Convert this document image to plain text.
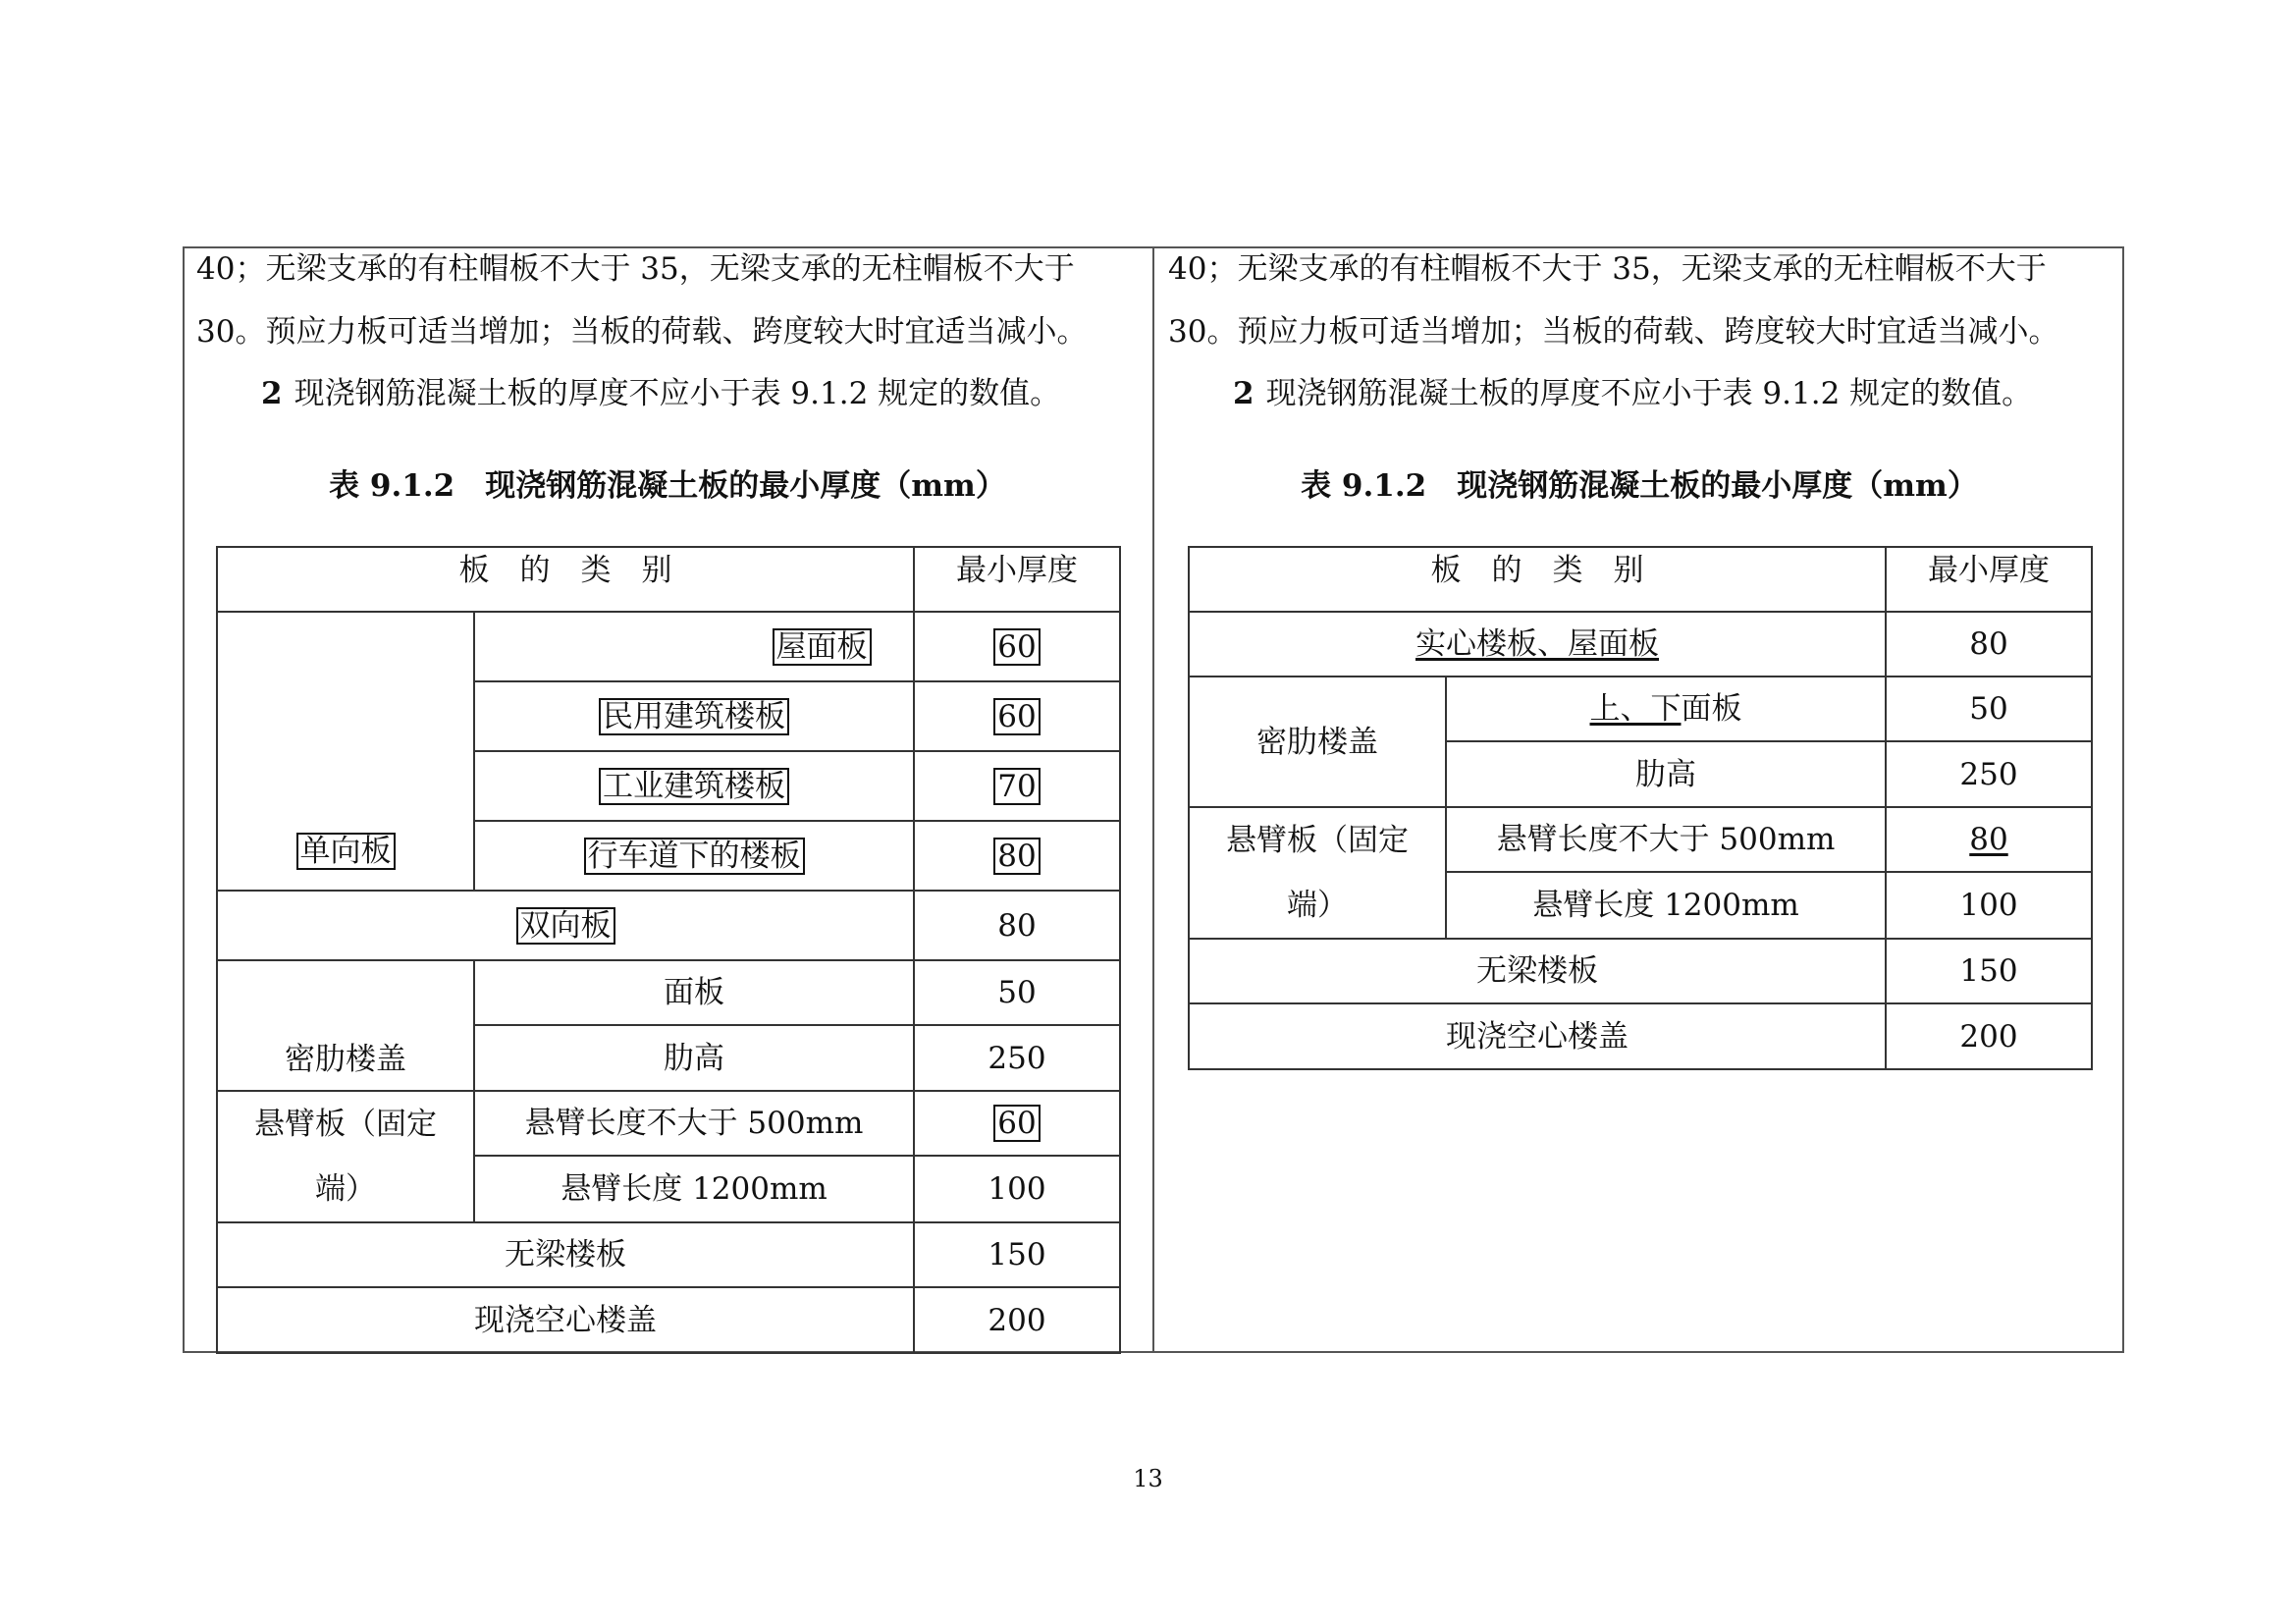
40；无梁支承的有柱帽板不大于 35，无梁支承的无柱帽板不大于
30。预应力板可适当增加；当板的荷载、跨度较大时宜适当减小。
2 现浇钢筋混凝土板的厚度不应小于表 9.1.2 规定的数值。
表 9.1.2　现浇钢筋混凝土板的最小厚度（mm）
板　的　类　别		最小厚度
单向板	屋面板	60
	民用建筑楼板	60
	工业建筑楼板	70
	行车道下的楼板	80
双向板		80
密肋楼盖	面板	50
	肋高	250

悬臂板（固定
端）	悬臂长度不大于 500mm	60
	悬臂长度 1200mm	100
无梁楼板		150
现浇空心楼盖		200
40；无梁支承的有柱帽板不大于 35，无梁支承的无柱帽板不大于
30。预应力板可适当增加；当板的荷载、跨度较大时宜适当减小。
2 现浇钢筋混凝土板的厚度不应小于表 9.1.2 规定的数值。
表 9.1.2　现浇钢筋混凝土板的最小厚度（mm）
板　的　类　别		最小厚度
实心楼板、屋面板		80
密肋楼盖	上、下面板	50
	肋高	250

悬臂板（固定
端）	悬臂长度不大于 500mm	80
	悬臂长度 1200mm	100
无梁楼板		150
现浇空心楼盖		200
13
